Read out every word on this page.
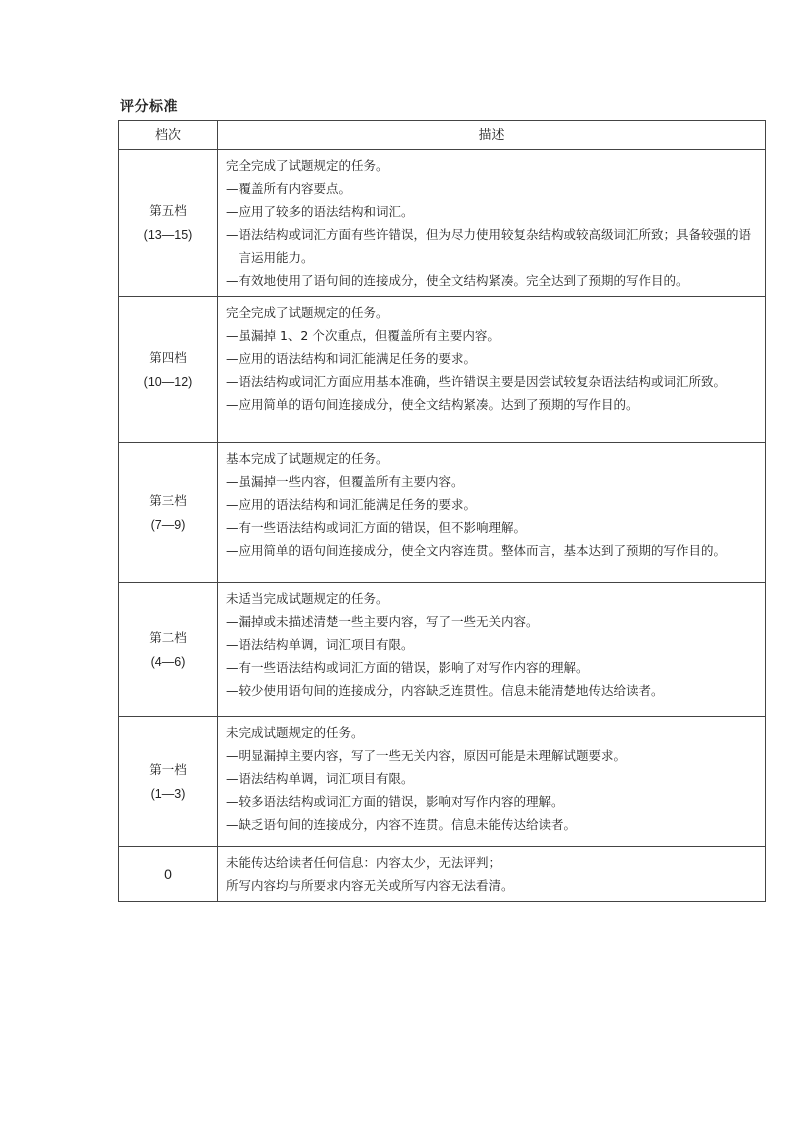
评分标准
档次	描述

第五档
(13—15)	完全完成了试题规定的任务。
—覆盖所有内容要点。
—应用了较多的语法结构和词汇。
—语法结构或词汇方面有些许错误，但为尽力使用较复杂结构或较高级词汇所致；具备较强的语言运用能力。
—有效地使用了语句间的连接成分，使全文结构紧凑。完全达到了预期的写作目的。

第四档
(10—12)	完全完成了试题规定的任务。
—虽漏掉 1、2 个次重点，但覆盖所有主要内容。
—应用的语法结构和词汇能满足任务的要求。
—语法结构或词汇方面应用基本准确，些许错误主要是因尝试较复杂语法结构或词汇所致。
—应用简单的语句间连接成分，使全文结构紧凑。达到了预期的写作目的。

第三档
(7—9)	基本完成了试题规定的任务。
—虽漏掉一些内容，但覆盖所有主要内容。
—应用的语法结构和词汇能满足任务的要求。
—有一些语法结构或词汇方面的错误，但不影响理解。
—应用简单的语句间连接成分，使全文内容连贯。整体而言，基本达到了预期的写作目的。

第二档
(4—6)	未适当完成试题规定的任务。
—漏掉或未描述清楚一些主要内容，写了一些无关内容。
—语法结构单调，词汇项目有限。
—有一些语法结构或词汇方面的错误，影响了对写作内容的理解。
—较少使用语句间的连接成分，内容缺乏连贯性。信息未能清楚地传达给读者。

第一档
(1—3)	未完成试题规定的任务。
—明显漏掉主要内容，写了一些无关内容，原因可能是未理解试题要求。
—语法结构单调，词汇项目有限。
—较多语法结构或词汇方面的错误，影响对写作内容的理解。
—缺乏语句间的连接成分，内容不连贯。信息未能传达给读者。

0	未能传达给读者任何信息：内容太少，无法评判；
所写内容均与所要求内容无关或所写内容无法看清。
